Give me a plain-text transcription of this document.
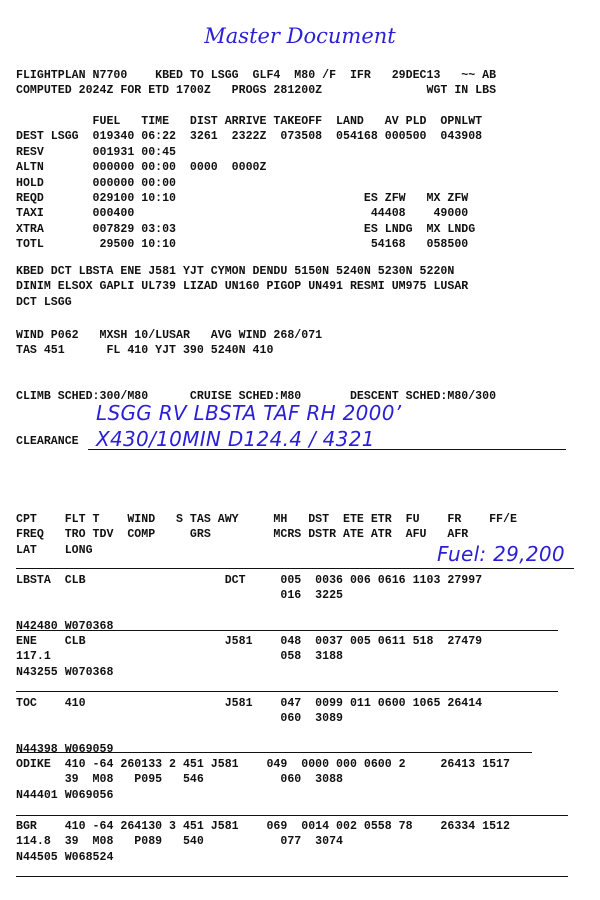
Master Document
FLIGHTPLAN N7700    KBED TO LSGG  GLF4  M80 /F  IFR   29DEC13   ~~ AB
COMPUTED 2024Z FOR ETD 1700Z   PROGS 281200Z               WGT IN LBS
FUEL   TIME   DIST ARRIVE TAKEOFF  LAND   AV PLD  OPNLWT
DEST LSGG  019340 06:22  3261  2322Z  073508  054168 000500  043908
RESV       001931 00:45
ALTN       000000 00:00  0000  0000Z
HOLD       000000 00:00
REQD       029100 10:10                           ES ZFW   MX ZFW
TAXI       000400                                  44408    49000
XTRA       007829 03:03                           ES LNDG  MX LNDG
TOTL        29500 10:10                            54168   058500
KBED DCT LBSTA ENE J581 YJT CYMON DENDU 5150N 5240N 5230N 5220N
DINIM ELSOX GAPLI UL739 LIZAD UN160 PIGOP UN491 RESMI UM975 LUSAR
DCT LSGG
WIND P062   MXSH 10/LUSAR   AVG WIND 268/071
TAS 451      FL 410 YJT 390 5240N 410
CLIMB SCHED:300/M80      CRUISE SCHED:M80       DESCENT SCHED:M80/300
LSGG RV LBSTA TAF RH 2000’
CLEARANCE X430/10MIN D124.4 / 4321
CPT    FLT T    WIND   S TAS AWY     MH   DST  ETE ETR  FU    FR    FF/E
FREQ   TRO TDV  COMP     GRS         MCRS DSTR ATE ATR  AFU   AFR
LAT    LONG	Fuel: 29,200
LBSTA  CLB                    DCT     005  0036 006 0616 1103 27997
016  3225

N42480 W070368
ENE    CLB                    J581    048  0037 005 0611 518  27479
117.1                                 058  3188
N43255 W070368
TOC    410                    J581    047  0099 011 0600 1065 26414
060  3089

N44398 W069059
ODIKE  410 -64 260133 2 451 J581    049  0000 000 0600 2     26413 1517
39  M08   P095   546           060  3088
N44401 W069056
BGR    410 -64 264130 3 451 J581    069  0014 002 0558 78    26334 1512
114.8  39  M08   P089   540           077  3074
N44505 W068524
